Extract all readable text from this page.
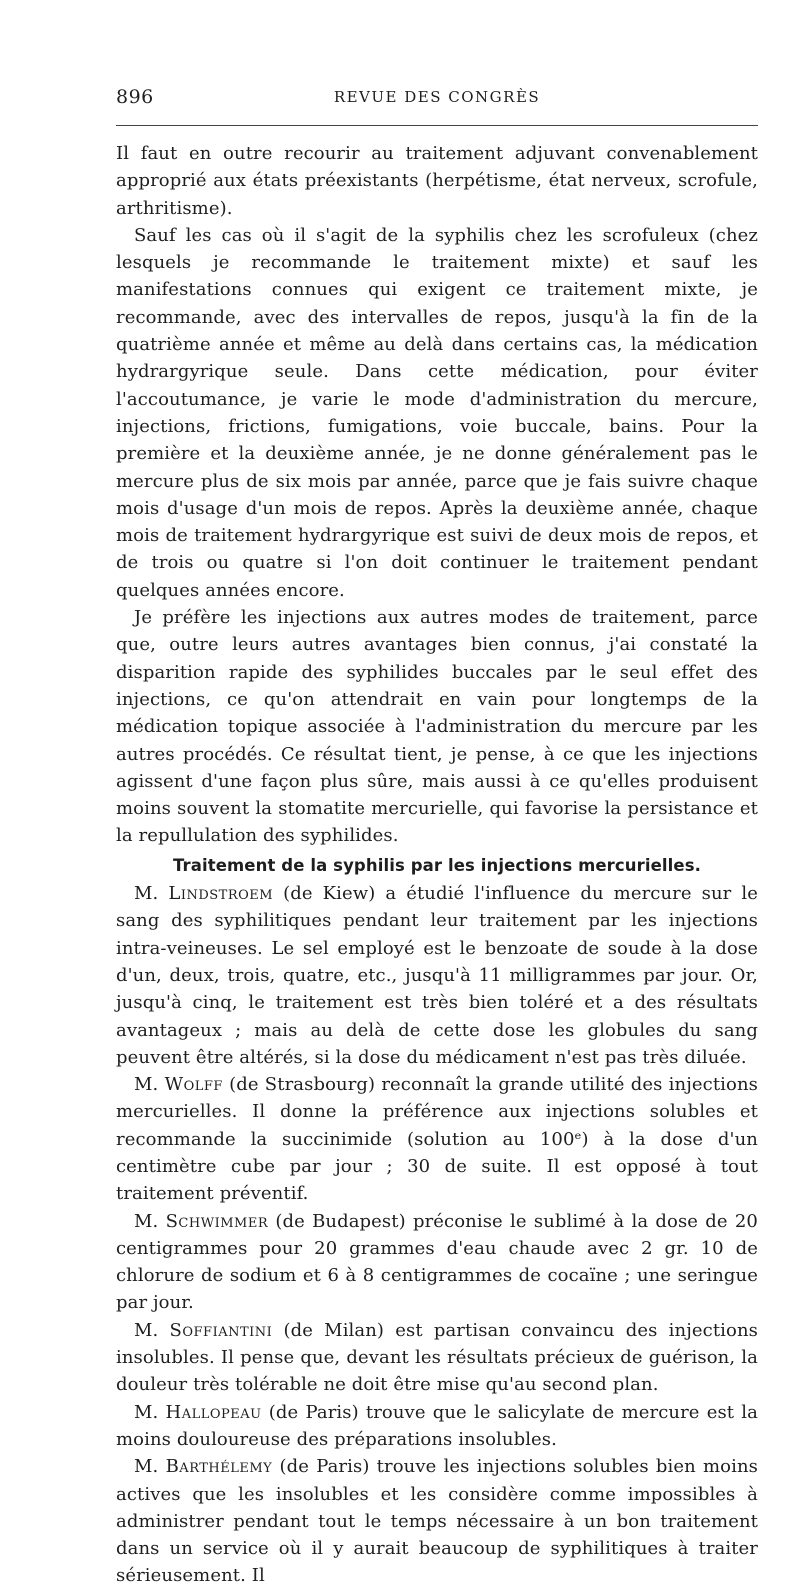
896	REVUE DES CONGRÈS

Il faut en outre recourir au traitement adjuvant convenablement approprié aux états préexistants (herpétisme, état nerveux, scrofule, arthritisme).

Sauf les cas où il s'agit de la syphilis chez les scrofuleux (chez lesquels je recommande le traitement mixte) et sauf les manifestations connues qui exigent ce traitement mixte, je recommande, avec des intervalles de repos, jusqu'à la fin de la quatrième année et même au delà dans certains cas, la médication hydrargyrique seule. Dans cette médication, pour éviter l'accoutumance, je varie le mode d'administration du mercure, injections, frictions, fumigations, voie buccale, bains. Pour la première et la deuxième année, je ne donne généralement pas le mercure plus de six mois par année, parce que je fais suivre chaque mois d'usage d'un mois de repos. Après la deuxième année, chaque mois de traitement hydrargyrique est suivi de deux mois de repos, et de trois ou quatre si l'on doit continuer le traitement pendant quelques années encore.

Je préfère les injections aux autres modes de traitement, parce que, outre leurs autres avantages bien connus, j'ai constaté la disparition rapide des syphilides buccales par le seul effet des injections, ce qu'on attendrait en vain pour longtemps de la médication topique associée à l'administration du mercure par les autres procédés. Ce résultat tient, je pense, à ce que les injections agissent d'une façon plus sûre, mais aussi à ce qu'elles produisent moins souvent la stomatite mercurielle, qui favorise la persistance et la repullulation des syphilides.

Traitement de la syphilis par les injections mercurielles.

M. Lindstroem (de Kiew) a étudié l'influence du mercure sur le sang des syphilitiques pendant leur traitement par les injections intra-veineuses. Le sel employé est le benzoate de soude à la dose d'un, deux, trois, quatre, etc., jusqu'à 11 milligrammes par jour. Or, jusqu'à cinq, le traitement est très bien toléré et a des résultats avantageux ; mais au delà de cette dose les globules du sang peuvent être altérés, si la dose du médicament n'est pas très diluée.

M. Wolff (de Strasbourg) reconnaît la grande utilité des injections mercurielles. Il donne la préférence aux injections solubles et recommande la succinimide (solution au 100ᵉ) à la dose d'un centimètre cube par jour ; 30 de suite. Il est opposé à tout traitement préventif.

M. Schwimmer (de Budapest) préconise le sublimé à la dose de 20 centigrammes pour 20 grammes d'eau chaude avec 2 gr. 10 de chlorure de sodium et 6 à 8 centigrammes de cocaïne ; une seringue par jour.

M. Soffiantini (de Milan) est partisan convaincu des injections insolubles. Il pense que, devant les résultats précieux de guérison, la douleur très tolérable ne doit être mise qu'au second plan.

M. Hallopeau (de Paris) trouve que le salicylate de mercure est la moins douloureuse des préparations insolubles.

M. Barthélemy (de Paris) trouve les injections solubles bien moins actives que les insolubles et les considère comme impossibles à administrer pendant tout le temps nécessaire à un bon traitement dans un service où il y aurait beaucoup de syphilitiques à traiter sérieusement. Il
